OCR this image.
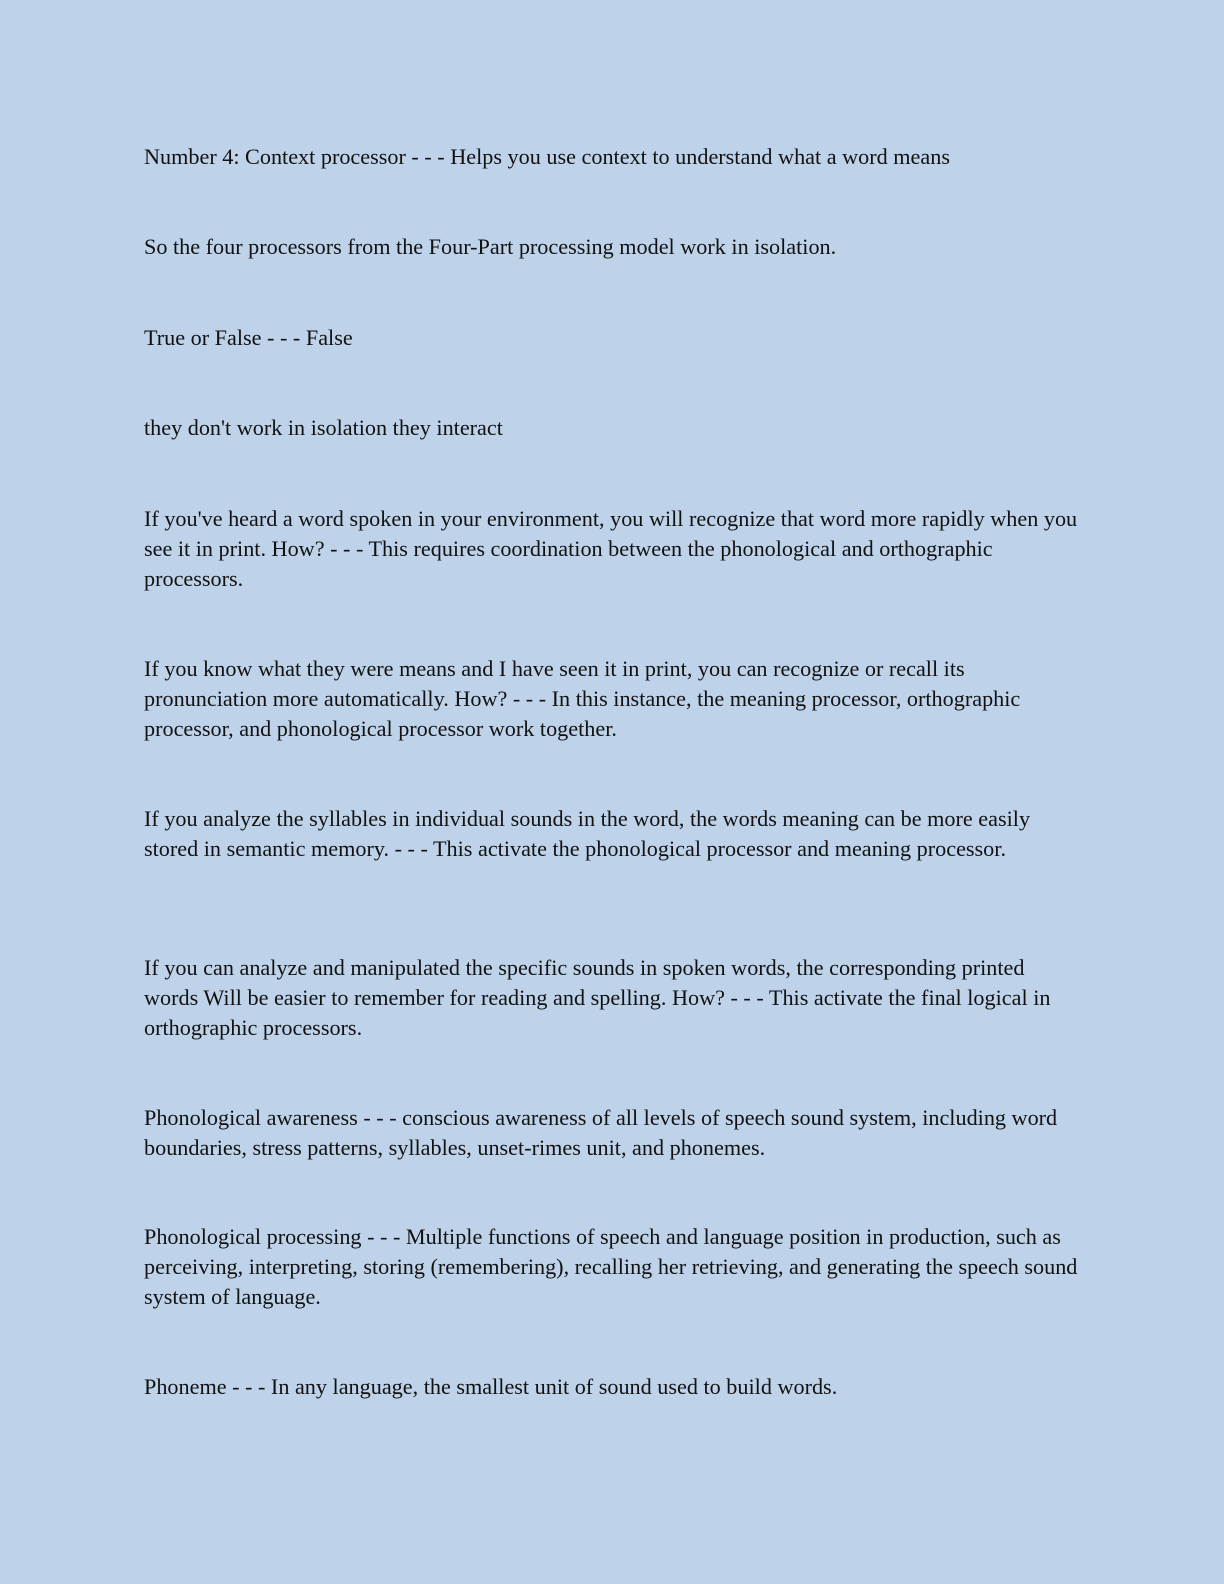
Number 4: Context processor - - - Helps you use context to understand what a word means

So the four processors from the Four-Part processing model work in isolation.

True or False - - - False

they don't work in isolation they interact

If you've heard a word spoken in your environment, you will recognize that word more rapidly when you see it in print. How? - - - This requires coordination between the phonological and orthographic processors.

If you know what they were means and I have seen it in print, you can recognize or recall its pronunciation more automatically. How? - - - In this instance, the meaning processor, orthographic processor, and phonological processor work together.

If you analyze the syllables in individual sounds in the word, the words meaning can be more easily stored in semantic memory. - - - This activate the phonological processor and meaning processor.

If you can analyze and manipulated the specific sounds in spoken words, the corresponding printed words Will be easier to remember for reading and spelling. How? - - - This activate the final logical in orthographic processors.

Phonological awareness - - - conscious awareness of all levels of speech sound system, including word boundaries, stress patterns, syllables, unset-rimes unit, and phonemes.

Phonological processing - - - Multiple functions of speech and language position in production, such as perceiving, interpreting, storing (remembering), recalling her retrieving, and generating the speech sound system of language.

Phoneme - - - In any language, the smallest unit of sound used to build words.
